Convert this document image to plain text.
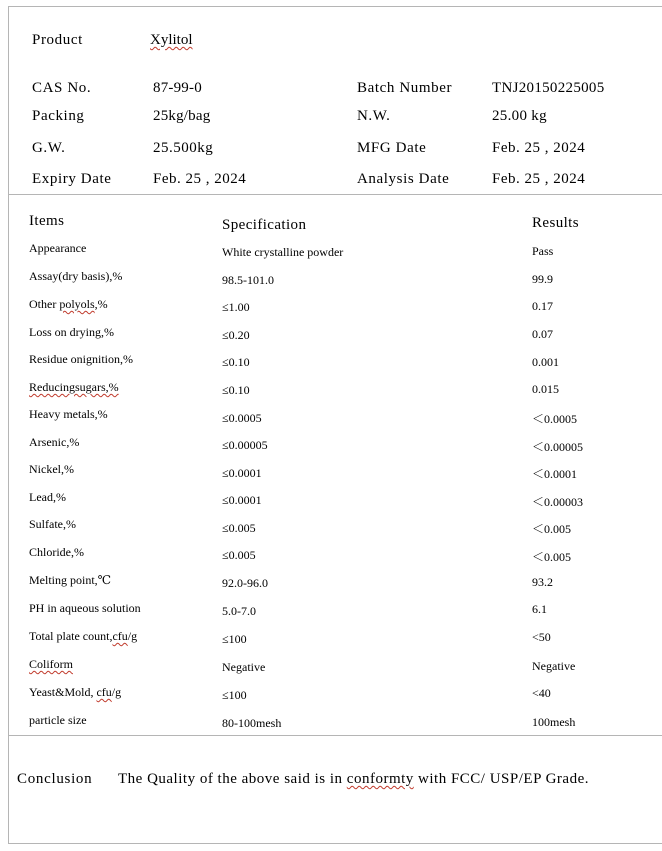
Product	Xylitol
CAS No.	87-99-0	Batch Number	TNJ20150225005
Packing	25kg/bag	N.W.	25.00 kg
G.W.	25.500kg	MFG Date	Feb. 25 , 2024
Expiry Date	Feb. 25 , 2024	Analysis Date	Feb. 25 , 2024
Items	Specification	Results
Appearance	White crystalline powder	Pass
Assay(dry basis),%	98.5-101.0	99.9
Other polyols,%	≤1.00	0.17
Loss on drying,%	≤0.20	0.07
Residue onignition,%	≤0.10	0.001
Reducingsugars,%	≤0.10	0.015
Heavy metals,%	≤0.0005	＜0.0005
Arsenic,%	≤0.00005	＜0.00005
Nickel,%	≤0.0001	＜0.0001
Lead,%	≤0.0001	＜0.00003
Sulfate,%	≤0.005	＜0.005
Chloride,%	≤0.005	＜0.005
Melting point,℃	92.0-96.0	93.2
PH in aqueous solution	5.0-7.0	6.1
Total plate count,cfu/g	≤100	<50
Coliform	Negative	Negative
Yeast&Mold, cfu/g	≤100	<40
particle size	80-100mesh	100mesh
Conclusion The Quality of the above said is in conformty with FCC/ USP/EP Grade.
